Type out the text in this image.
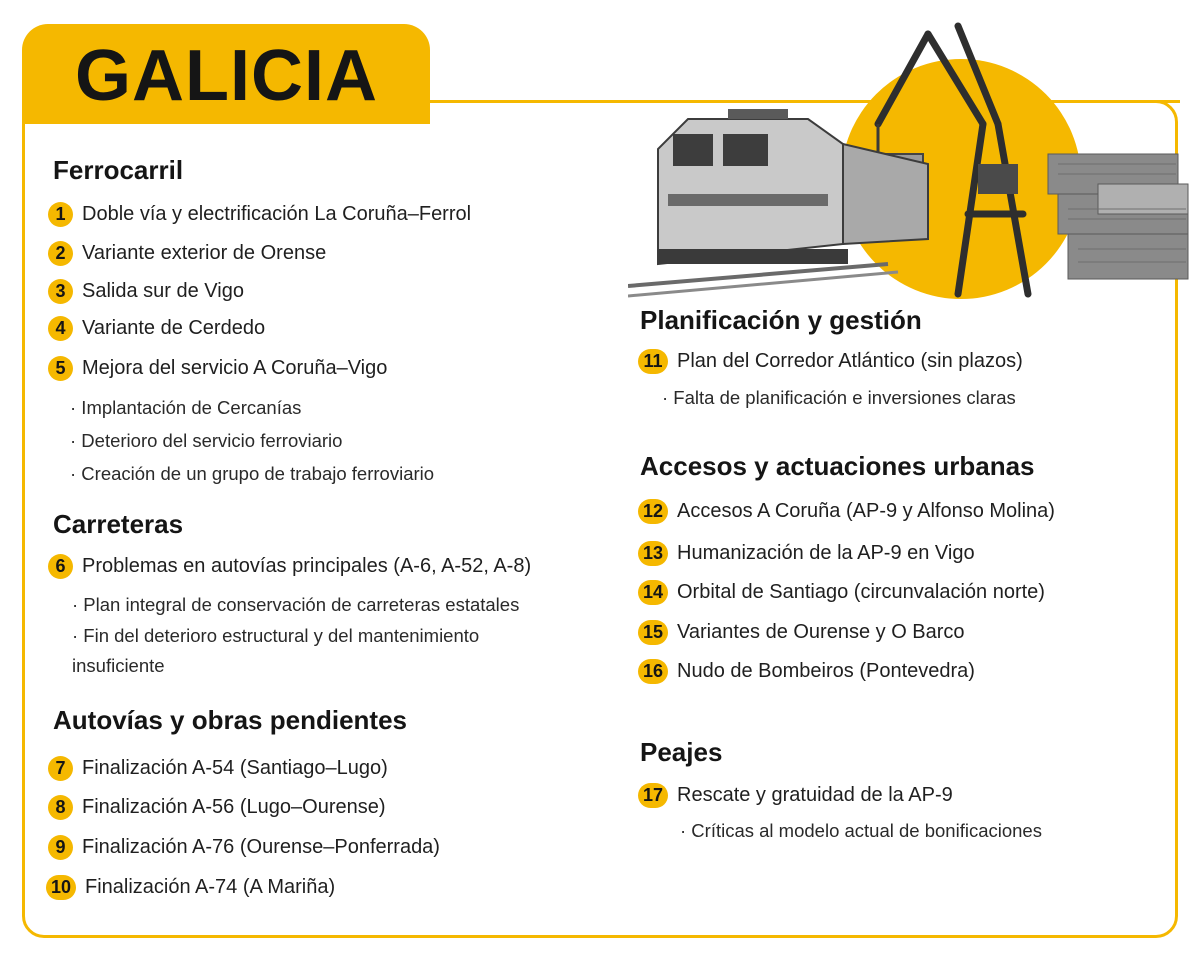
GALICIA
Ferrocarril
1 Doble vía y electrificación La Coruña–Ferrol
2 Variante exterior de Orense
3 Salida sur de Vigo
4 Variante de Cerdedo
5 Mejora del servicio A Coruña–Vigo
· Implantación de Cercanías
· Deterioro del servicio ferroviario
· Creación de un grupo de trabajo ferroviario
Carreteras
6 Problemas en autovías principales (A-6, A-52, A-8)
· Plan integral de conservación de carreteras estatales
· Fin del deterioro estructural y del mantenimiento insuficiente
Autovías y obras pendientes
7 Finalización A-54 (Santiago–Lugo)
8 Finalización A-56 (Lugo–Ourense)
9 Finalización A-76 (Ourense–Ponferrada)
10 Finalización A-74 (A Mariña)
Planificación y gestión
11 Plan del Corredor Atlántico (sin plazos)
· Falta de planificación e inversiones claras
Accesos y actuaciones urbanas
12 Accesos A Coruña (AP-9 y Alfonso Molina)
13 Humanización de la AP-9 en Vigo
14 Orbital de Santiago (circunvalación norte)
15 Variantes de Ourense y O Barco
16 Nudo de Bombeiros (Pontevedra)
Peajes
17 Rescate y gratuidad de la AP-9
· Críticas al modelo actual de bonificaciones
